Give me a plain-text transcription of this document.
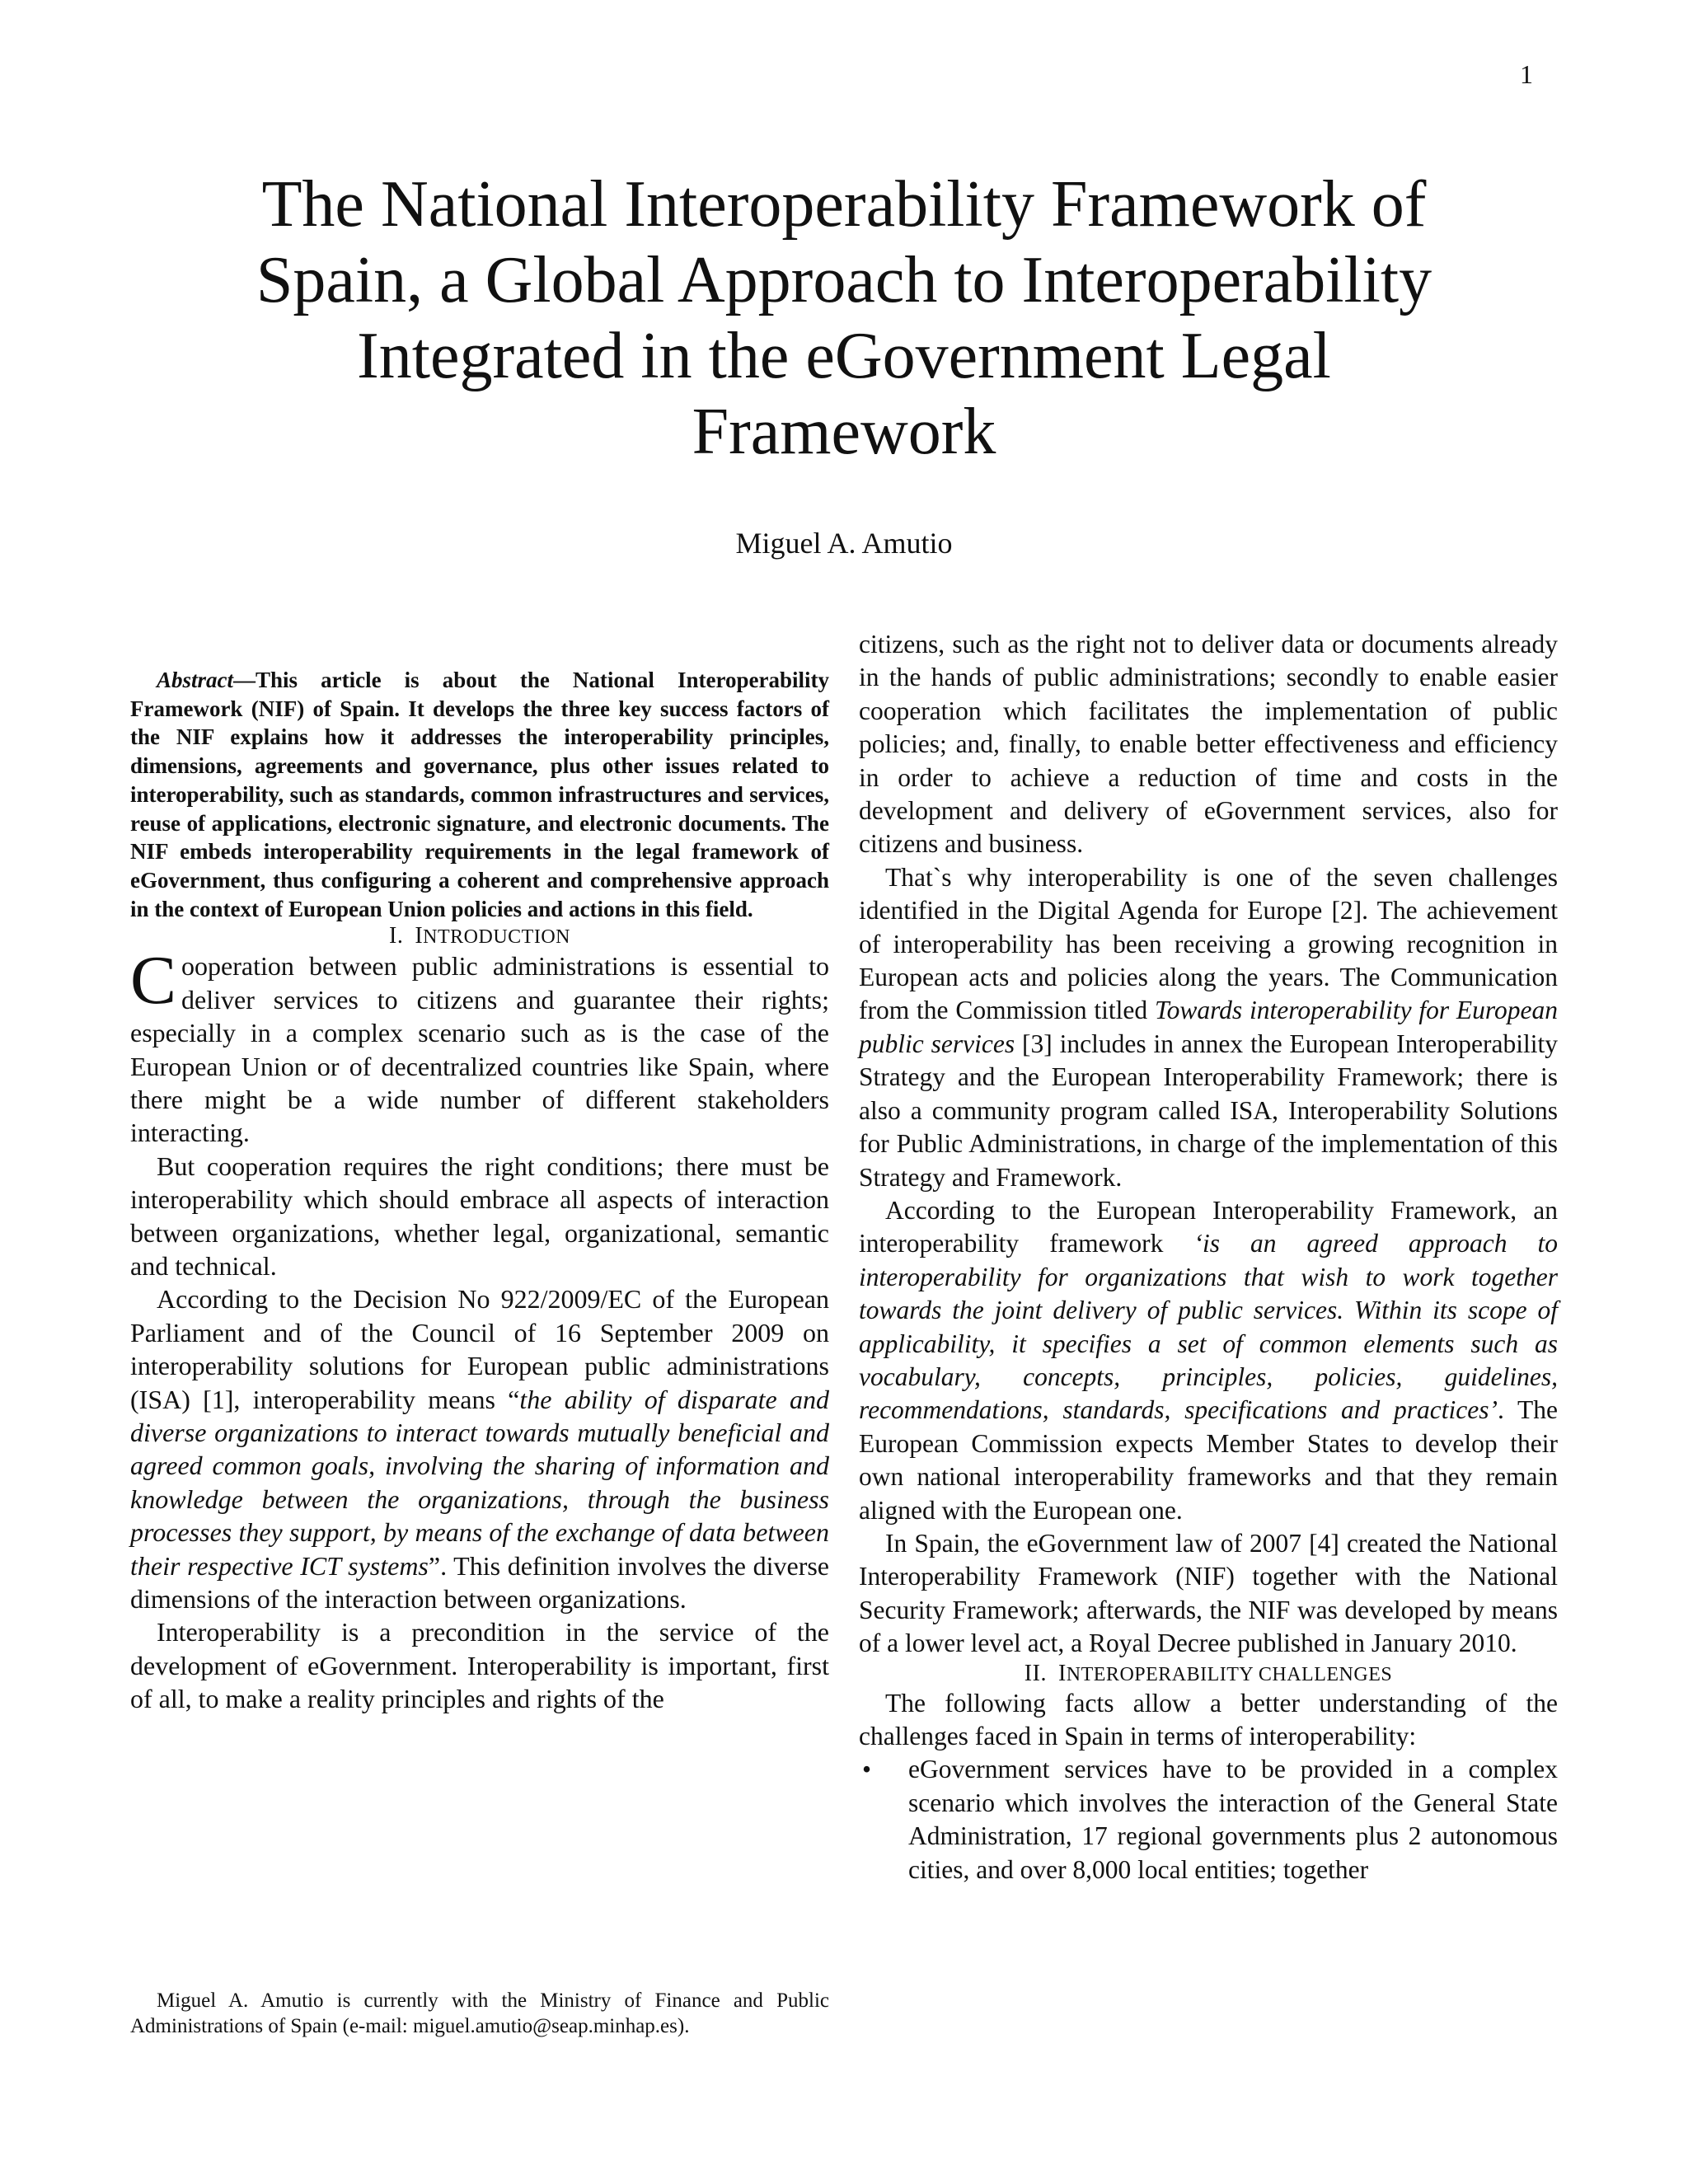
1
The National Interoperability Framework of
Spain, a Global Approach to Interoperability
Integrated in the eGovernment Legal
Framework
Miguel A. Amutio

Abstract—This article is about the National Interoperability Framework (NIF) of Spain. It develops the three key success factors of the NIF explains how it addresses the interoperability principles, dimensions, agreements and governance, plus other issues related to interoperability, such as standards, common infrastructures and services, reuse of applications, electronic signature, and electronic documents. The NIF embeds interoperability requirements in the legal framework of eGovernment, thus configuring a coherent and comprehensive approach in the context of European Union policies and actions in this field.

I. INTRODUCTION

Cooperation between public administrations is essential to deliver services to citizens and guarantee their rights; especially in a complex scenario such as is the case of the European Union or of decentralized countries like Spain, where there might be a wide number of different stakeholders interacting.

But cooperation requires the right conditions; there must be interoperability which should embrace all aspects of interaction between organizations, whether legal, organizational, semantic and technical.

According to the Decision No 922/2009/EC of the European Parliament and of the Council of 16 September 2009 on interoperability solutions for European public administrations (ISA) [1], interoperability means “the ability of disparate and diverse organizations to interact towards mutually beneficial and agreed common goals, involving the sharing of information and knowledge between the organizations, through the business processes they support, by means of the exchange of data between their respective ICT systems”. This definition involves the diverse dimensions of the interaction between organizations.

Interoperability is a precondition in the service of the development of eGovernment. Interoperability is important, first of all, to make a reality principles and rights of the

Miguel A. Amutio is currently with the Ministry of Finance and Public Administrations of Spain (e-mail: miguel.amutio@seap.minhap.es).

citizens, such as the right not to deliver data or documents already in the hands of public administrations; secondly to enable easier cooperation which facilitates the implementation of public policies; and, finally, to enable better effectiveness and efficiency in order to achieve a reduction of time and costs in the development and delivery of eGovernment services, also for citizens and business.

That`s why interoperability is one of the seven challenges identified in the Digital Agenda for Europe [2]. The achievement of interoperability has been receiving a growing recognition in European acts and policies along the years. The Communication from the Commission titled Towards interoperability for European public services [3] includes in annex the European Interoperability Strategy and the European Interoperability Framework; there is also a community program called ISA, Interoperability Solutions for Public Administrations, in charge of the implementation of this Strategy and Framework.

According to the European Interoperability Framework, an interoperability framework ‘is an agreed approach to interoperability for organizations that wish to work together towards the joint delivery of public services. Within its scope of applicability, it specifies a set of common elements such as vocabulary, concepts, principles, policies, guidelines, recommendations, standards, specifications and practices’. The European Commission expects Member States to develop their own national interoperability frameworks and that they remain aligned with the European one.

In Spain, the eGovernment law of 2007 [4] created the National Interoperability Framework (NIF) together with the National Security Framework; afterwards, the NIF was developed by means of a lower level act, a Royal Decree published in January 2010.

II. INTEROPERABILITY CHALLENGES

The following facts allow a better understanding of the challenges faced in Spain in terms of interoperability:

• eGovernment services have to be provided in a complex scenario which involves the interaction of the General State Administration, 17 regional governments plus 2 autonomous cities, and over 8,000 local entities; together
